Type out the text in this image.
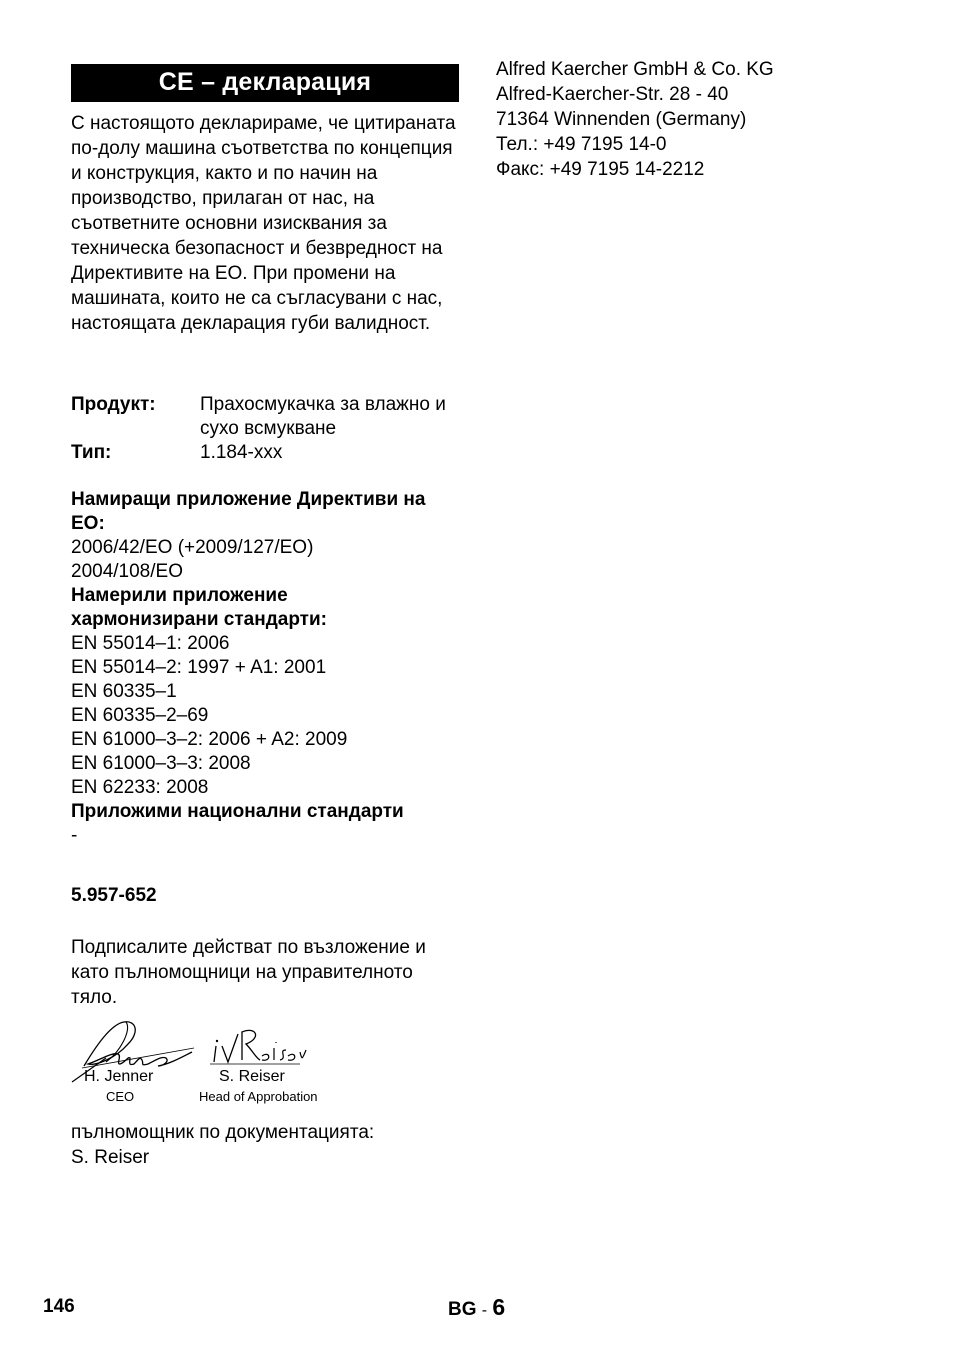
CE – декларация

С настоящото декларираме, че цитираната по-долу машина съответства по концепция и конструкция, както и по начин на производство, прилаган от нас, на съответните основни изисквания за техническа безопасност и безвредност на Директивите на ЕО. При промени на машината, които не са съгласувани с нас, настоящата декларация губи валидност.

Продукт: Прахосмукачка за влажно и сухо всмукване
Тип:	1.184-xxx
Намиращи приложение Директиви на ЕО:
2006/42/EO (+2009/127/EO)
2004/108/EO
Намерили приложение хармонизирани стандарти:
EN 55014–1: 2006
EN 55014–2: 1997 + A1: 2001
EN 60335–1
EN 60335–2–69
EN 61000–3–2: 2006 + A2: 2009
EN 61000–3–3: 2008
EN 62233: 2008
Приложими национални стандарти
-
5.957-652

Подписалите действат по възложение и като пълномощници на управителното тяло.

H. Jenner
CEO
S. Reiser
Head of Approbation
пълномощник по документацията:
S. Reiser
Alfred Kaercher GmbH & Co. KG
Alfred-Kaercher-Str. 28 - 40
71364 Winnenden (Germany)
Тел.: +49 7195 14-0
Факс: +49 7195 14-2212
146	BG - 6
